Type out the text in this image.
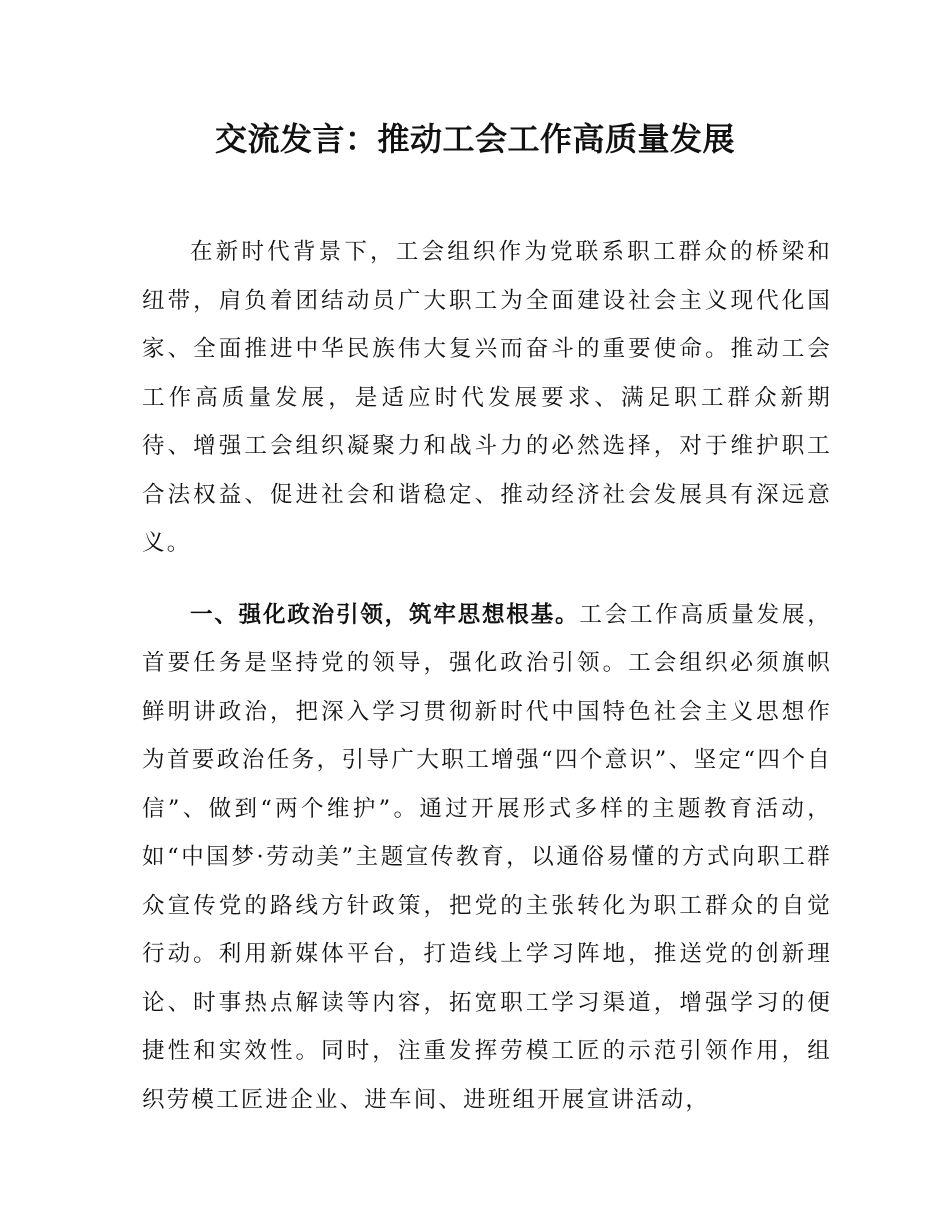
交流发言：推动工会工作高质量发展

在新时代背景下，工会组织作为党联系职工群众的桥梁和纽带，肩负着团结动员广大职工为全面建设社会主义现代化国家、全面推进中华民族伟大复兴而奋斗的重要使命。推动工会工作高质量发展，是适应时代发展要求、满足职工群众新期待、增强工会组织凝聚力和战斗力的必然选择，对于维护职工合法权益、促进社会和谐稳定、推动经济社会发展具有深远意义。

一、强化政治引领，筑牢思想根基。工会工作高质量发展，首要任务是坚持党的领导，强化政治引领。工会组织必须旗帜鲜明讲政治，把深入学习贯彻新时代中国特色社会主义思想作为首要政治任务，引导广大职工增强“四个意识”、坚定“四个自信”、做到“两个维护”。通过开展形式多样的主题教育活动，如“中国梦·劳动美”主题宣传教育，以通俗易懂的方式向职工群众宣传党的路线方针政策，把党的主张转化为职工群众的自觉行动。利用新媒体平台，打造线上学习阵地，推送党的创新理论、时事热点解读等内容，拓宽职工学习渠道，增强学习的便捷性和实效性。同时，注重发挥劳模工匠的示范引领作用，组织劳模工匠进企业、进车间、进班组开展宣讲活动，
